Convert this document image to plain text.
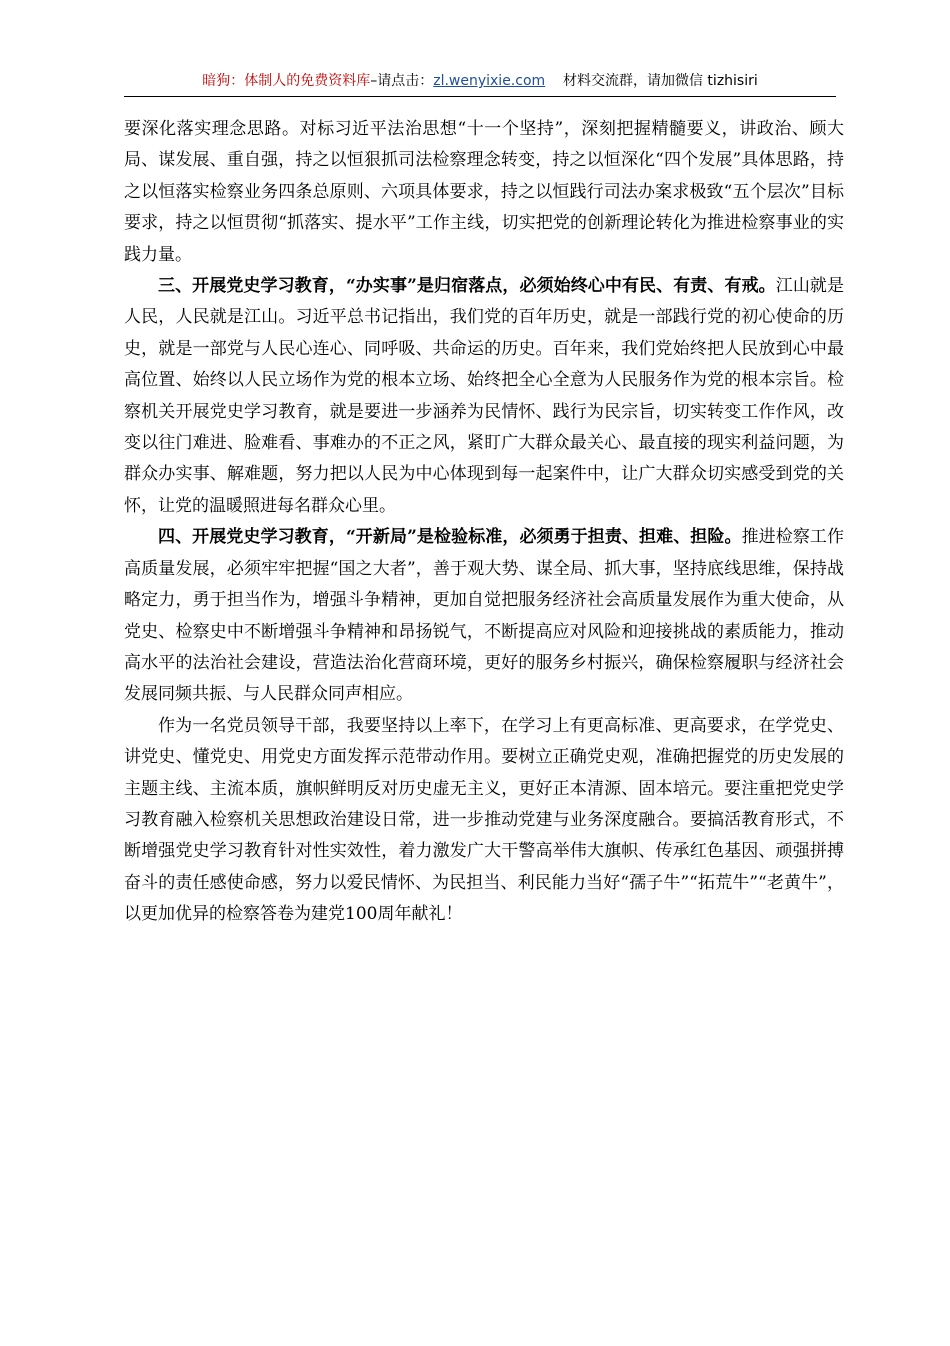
暗狗：体制人的免费资料库–请点击：zl.wenyixie.com 材料交流群，请加微信 tizhisiri

要深化落实理念思路。对标习近平法治思想“十一个坚持”，深刻把握精髓要义，讲政治、顾大局、谋发展、重自强，持之以恒狠抓司法检察理念转变，持之以恒深化“四个发展”具体思路，持之以恒落实检察业务四条总原则、六项具体要求，持之以恒践行司法办案求极致“五个层次”目标要求，持之以恒贯彻“抓落实、提水平”工作主线，切实把党的创新理论转化为推进检察事业的实践力量。

三、开展党史学习教育，“办实事”是归宿落点，必须始终心中有民、有责、有戒。江山就是人民，人民就是江山。习近平总书记指出，我们党的百年历史，就是一部践行党的初心使命的历史，就是一部党与人民心连心、同呼吸、共命运的历史。百年来，我们党始终把人民放到心中最高位置、始终以人民立场作为党的根本立场、始终把全心全意为人民服务作为党的根本宗旨。检察机关开展党史学习教育，就是要进一步涵养为民情怀、践行为民宗旨，切实转变工作作风，改变以往门难进、脸难看、事难办的不正之风，紧盯广大群众最关心、最直接的现实利益问题，为群众办实事、解难题，努力把以人民为中心体现到每一起案件中，让广大群众切实感受到党的关怀，让党的温暖照进每名群众心里。

四、开展党史学习教育，“开新局”是检验标准，必须勇于担责、担难、担险。推进检察工作高质量发展，必须牢牢把握“国之大者”，善于观大势、谋全局、抓大事，坚持底线思维，保持战略定力，勇于担当作为，增强斗争精神，更加自觉把服务经济社会高质量发展作为重大使命，从党史、检察史中不断增强斗争精神和昂扬锐气，不断提高应对风险和迎接挑战的素质能力，推动高水平的法治社会建设，营造法治化营商环境，更好的服务乡村振兴，确保检察履职与经济社会发展同频共振、与人民群众同声相应。

作为一名党员领导干部，我要坚持以上率下，在学习上有更高标准、更高要求，在学党史、讲党史、懂党史、用党史方面发挥示范带动作用。要树立正确党史观，准确把握党的历史发展的主题主线、主流本质，旗帜鲜明反对历史虚无主义，更好正本清源、固本培元。要注重把党史学习教育融入检察机关思想政治建设日常，进一步推动党建与业务深度融合。要搞活教育形式，不断增强党史学习教育针对性实效性，着力激发广大干警高举伟大旗帜、传承红色基因、顽强拼搏奋斗的责任感使命感，努力以爱民情怀、为民担当、利民能力当好“孺子牛”“拓荒牛”“老黄牛”，以更加优异的检察答卷为建党100周年献礼！
